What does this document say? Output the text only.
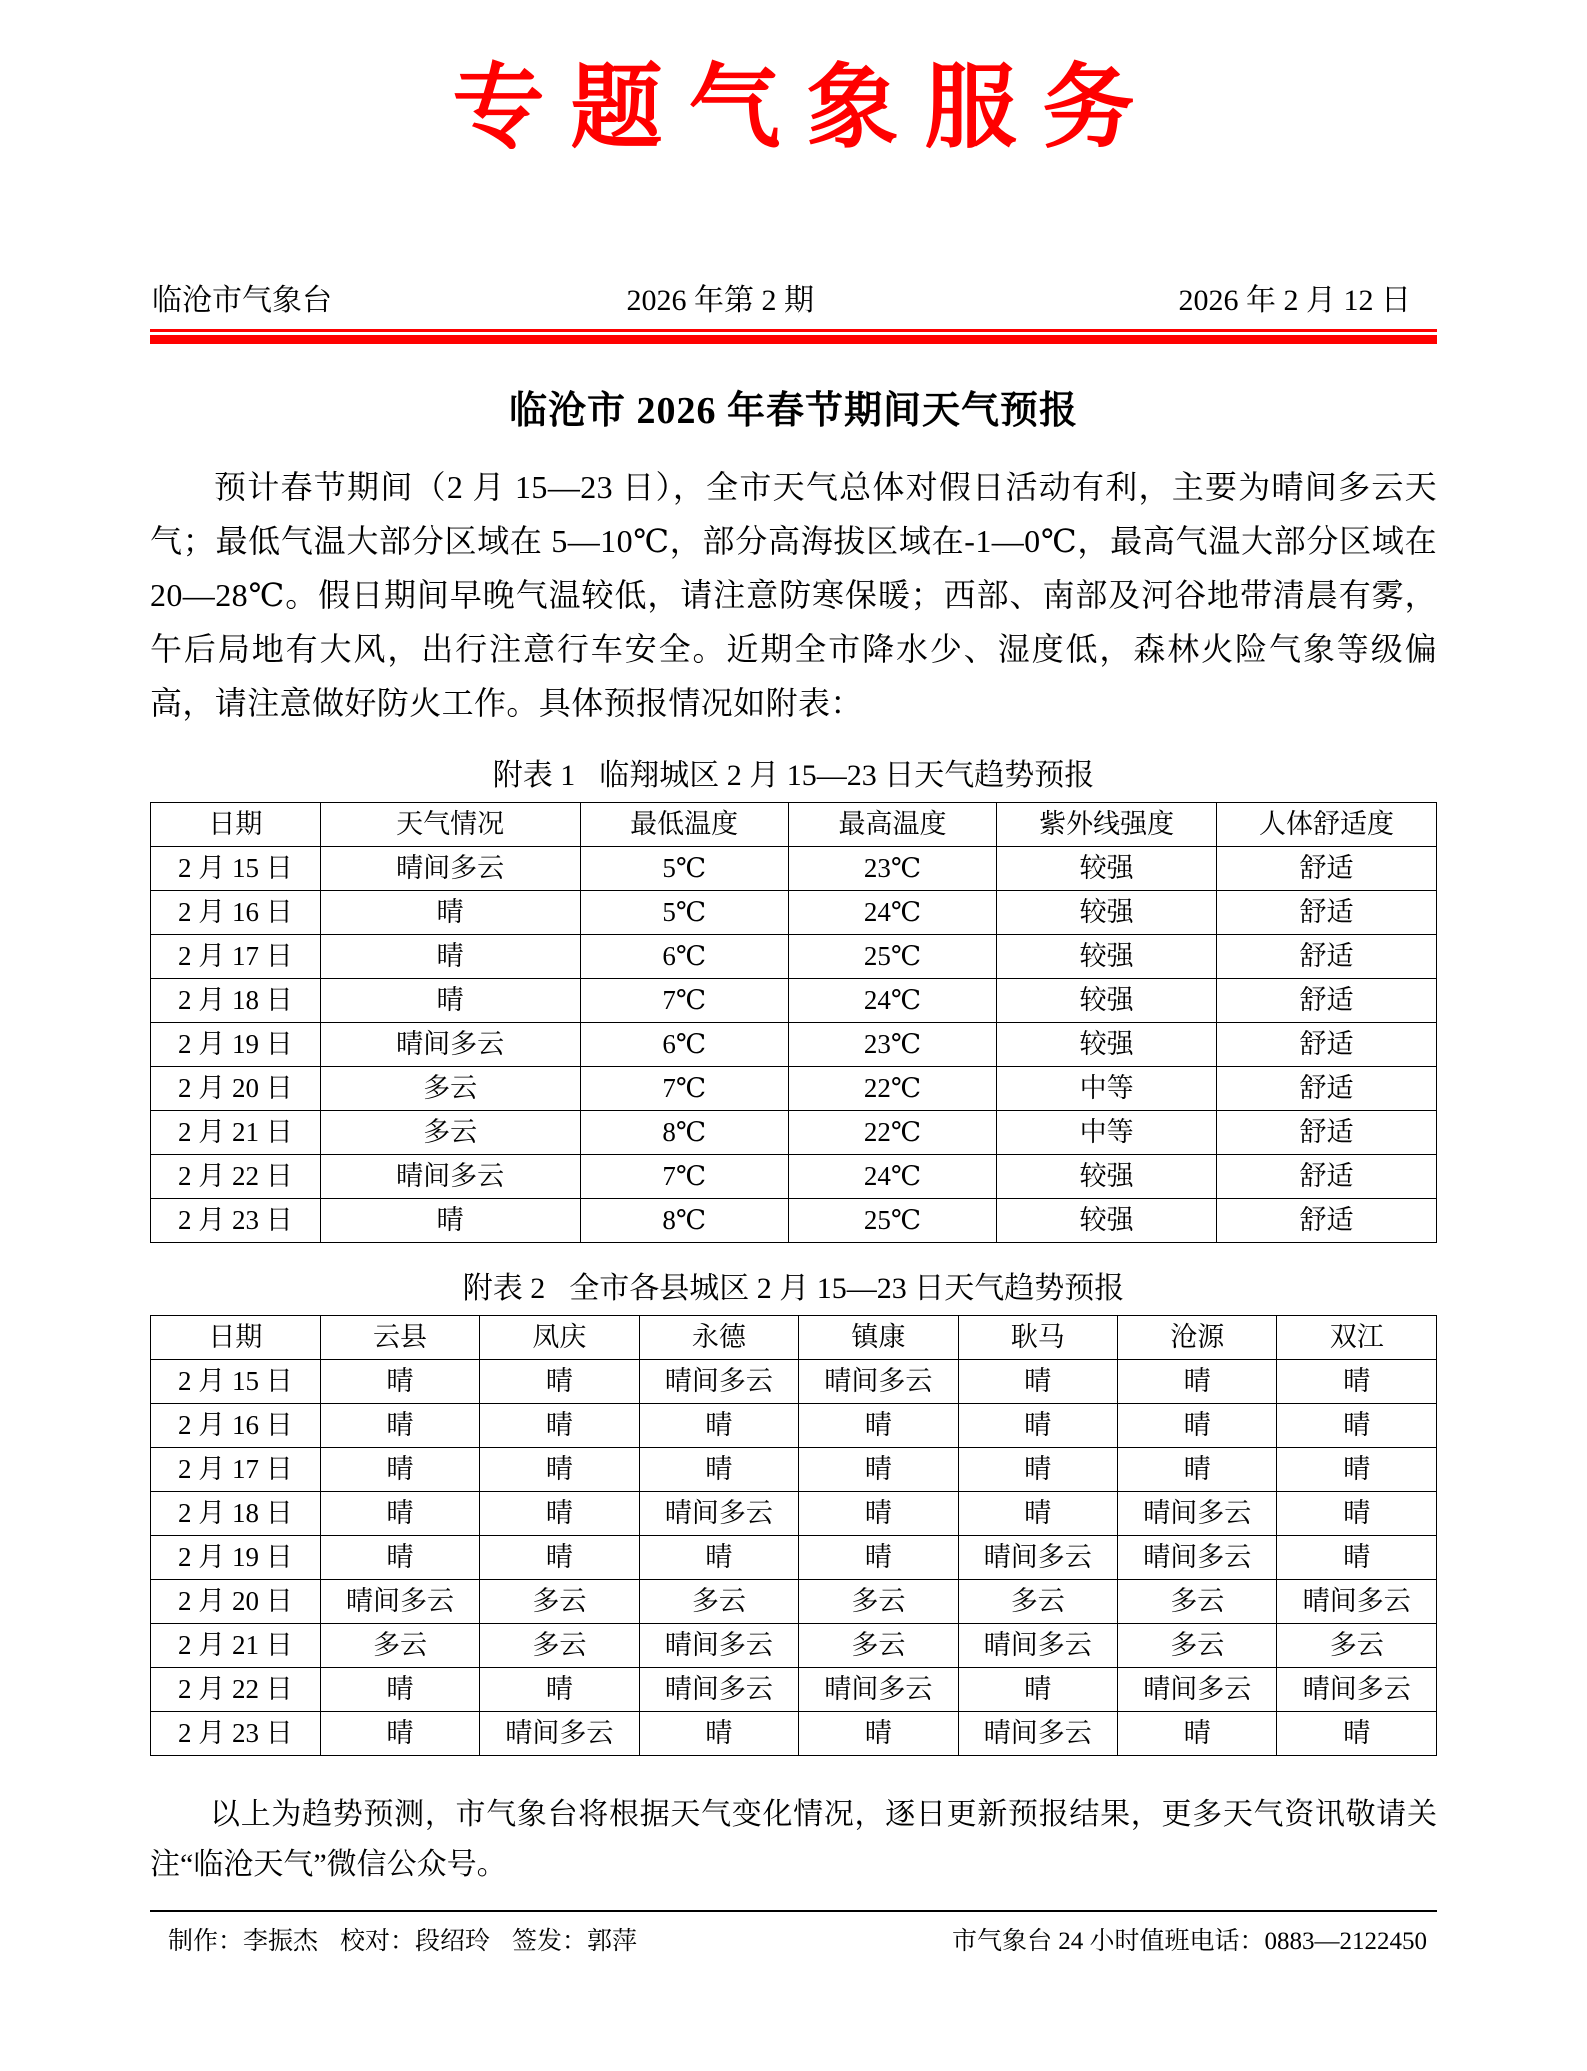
专题气象服务
临沧市气象台	2026 年第 2 期	2026 年 2 月 12 日
临沧市 2026 年春节期间天气预报
预计春节期间（2 月 15—23 日），全市天气总体对假日活动有利，主要为晴间多云天气；最低气温大部分区域在 5—10℃，部分高海拔区域在-1—0℃，最高气温大部分区域在 20—28℃。假日期间早晚气温较低，请注意防寒保暖；西部、南部及河谷地带清晨有雾，午后局地有大风，出行注意行车安全。近期全市降水少、湿度低，森林火险气象等级偏高，请注意做好防火工作。具体预报情况如附表：
附表 1 临翔城区 2 月 15—23 日天气趋势预报
日期	天气情况	最低温度	最高温度	紫外线强度	人体舒适度
2 月 15 日	晴间多云	5℃	23℃	较强	舒适
2 月 16 日	晴	5℃	24℃	较强	舒适
2 月 17 日	晴	6℃	25℃	较强	舒适
2 月 18 日	晴	7℃	24℃	较强	舒适
2 月 19 日	晴间多云	6℃	23℃	较强	舒适
2 月 20 日	多云	7℃	22℃	中等	舒适
2 月 21 日	多云	8℃	22℃	中等	舒适
2 月 22 日	晴间多云	7℃	24℃	较强	舒适
2 月 23 日	晴	8℃	25℃	较强	舒适
附表 2 全市各县城区 2 月 15—23 日天气趋势预报
日期	云县	凤庆	永德	镇康	耿马	沧源	双江
2 月 15 日	晴	晴	晴间多云	晴间多云	晴	晴	晴
2 月 16 日	晴	晴	晴	晴	晴	晴	晴
2 月 17 日	晴	晴	晴	晴	晴	晴	晴
2 月 18 日	晴	晴	晴间多云	晴	晴	晴间多云	晴
2 月 19 日	晴	晴	晴	晴	晴间多云	晴间多云	晴
2 月 20 日	晴间多云	多云	多云	多云	多云	多云	晴间多云
2 月 21 日	多云	多云	晴间多云	多云	晴间多云	多云	多云
2 月 22 日	晴	晴	晴间多云	晴间多云	晴	晴间多云	晴间多云
2 月 23 日	晴	晴间多云	晴	晴	晴间多云	晴	晴
以上为趋势预测，市气象台将根据天气变化情况，逐日更新预报结果，更多天气资讯敬请关注“临沧天气”微信公众号。
制作：李振杰 校对：段绍玲 签发：郭萍	市气象台 24 小时值班电话：0883—2122450
